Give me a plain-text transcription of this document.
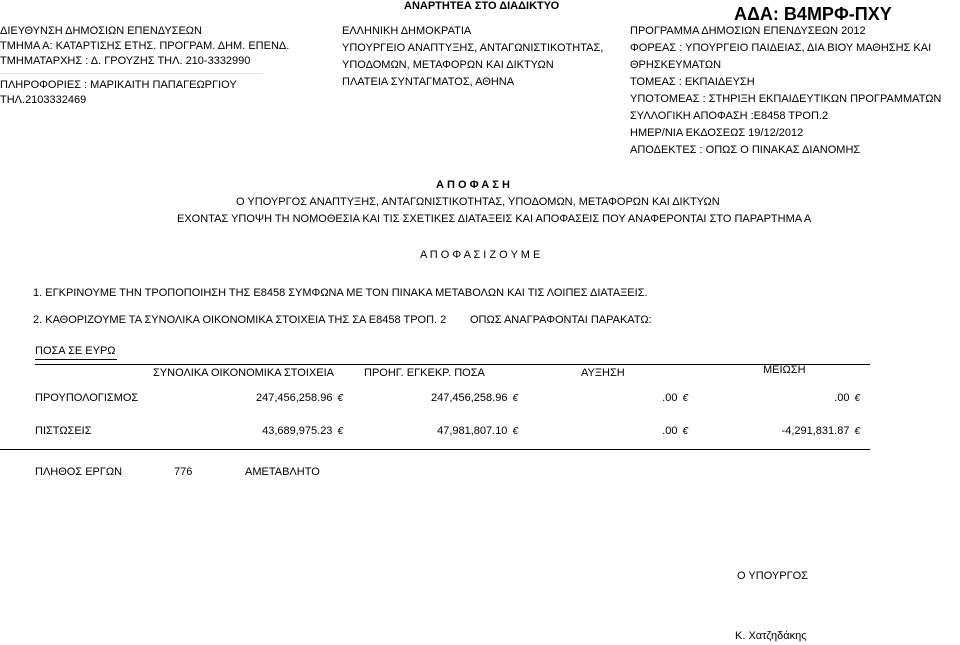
ΑΝΑΡΤΗΤΕΑ ΣΤΟ ΔΙΑΔΙΚΤΥΟ	ΑΔΑ: Β4ΜΡΦ-ΠΧΥ
ΔΙΕΥΘΥΝΣΗ ΔΗΜΟΣΙΩΝ ΕΠΕΝΔΥΣΕΩΝ
ΤΜΗΜΑ Α: ΚΑΤΑΡΤΙΣΗΣ ΕΤΗΣ. ΠΡΟΓΡΑΜ. ΔΗΜ. ΕΠΕΝΔ.
ΤΜΗΜΑΤΑΡΧΗΣ : Δ. ΓΡΟΥΖΗΣ ΤΗΛ. 210-3332990
ΠΛΗΡΟΦΟΡΙΕΣ : ΜΑΡΙΚΑΙΤΗ ΠΑΠΑΓΕΩΡΓΙΟΥ
ΤΗΛ.2103332469
ΕΛΛΗΝΙΚΗ ΔΗΜΟΚΡΑΤΙΑ
ΥΠΟΥΡΓΕΙΟ ΑΝΑΠΤΥΞΗΣ, ΑΝΤΑΓΩΝΙΣΤΙΚΟΤΗΤΑΣ,
ΥΠΟΔΟΜΩΝ, ΜΕΤΑΦΟΡΩΝ ΚΑΙ ΔΙΚΤΥΩΝ
ΠΛΑΤΕΙΑ ΣΥΝΤΑΓΜΑΤΟΣ, ΑΘΗΝΑ
ΠΡΟΓΡΑΜΜΑ ΔΗΜΟΣΙΩΝ ΕΠΕΝΔΥΣΕΩΝ 2012
ΦΟΡΕΑΣ : ΥΠΟΥΡΓΕΙΟ ΠΑΙΔΕΙΑΣ, ΔΙΑ ΒΙΟΥ ΜΑΘΗΣΗΣ ΚΑΙ
ΘΡΗΣΚΕΥΜΑΤΩΝ
ΤΟΜΕΑΣ : ΕΚΠΑΙΔΕΥΣΗ
ΥΠΟΤΟΜΕΑΣ : ΣΤΗΡΙΞΗ ΕΚΠΑΙΔΕΥΤΙΚΩΝ ΠΡΟΓΡΑΜΜΑΤΩΝ
ΣΥΛΛΟΓΙΚΗ ΑΠΟΦΑΣΗ :Ε8458 ΤΡΟΠ.2
ΗΜΕΡ/ΝΙΑ ΕΚΔΟΣΕΩΣ 19/12/2012
ΑΠΟΔΕΚΤΕΣ : ΟΠΩΣ Ο ΠΙΝΑΚΑΣ ΔΙΑΝΟΜΗΣ
Α Π Ο Φ Α Σ Η
Ο ΥΠΟΥΡΓΟΣ ΑΝΑΠΤΥΞΗΣ, ΑΝΤΑΓΩΝΙΣΤΙΚΟΤΗΤΑΣ, ΥΠΟΔΟΜΩΝ, ΜΕΤΑΦΟΡΩΝ ΚΑΙ ΔΙΚΤΥΩΝ
ΕΧΟΝΤΑΣ ΥΠΟΨΗ ΤΗ ΝΟΜΟΘΕΣΙΑ ΚΑΙ ΤΙΣ ΣΧΕΤΙΚΕΣ ΔΙΑΤΑΞΕΙΣ ΚΑΙ ΑΠΟΦΑΣΕΙΣ ΠΟΥ ΑΝΑΦΕΡΟΝΤΑΙ ΣΤΟ ΠΑΡΑΡΤΗΜΑ Α
Α Π Ο Φ Α Σ Ι Ζ Ο Υ Μ Ε
1. ΕΓΚΡΙΝΟΥΜΕ ΤΗΝ ΤΡΟΠΟΠΟΙΗΣΗ ΤΗΣ Ε8458 ΣΥΜΦΩΝΑ ΜΕ ΤΟΝ ΠΙΝΑΚΑ ΜΕΤΑΒΟΛΩΝ ΚΑΙ ΤΙΣ ΛΟΙΠΕΣ ΔΙΑΤΑΞΕΙΣ.
2. ΚΑΘΟΡΙΖΟΥΜΕ ΤΑ ΣΥΝΟΛΙΚΑ ΟΙΚΟΝΟΜΙΚΑ ΣΤΟΙΧΕΙΑ ΤΗΣ ΣΑ Ε8458 ΤΡΟΠ. 2 ΟΠΩΣ ΑΝΑΓΡΑΦΟΝΤΑΙ ΠΑΡΑΚΑΤΩ:
ΠΟΣΑ ΣΕ ΕΥΡΩ
ΣΥΝΟΛΙΚΑ ΟΙΚΟΝΟΜΙΚΑ ΣΤΟΙΧΕΙΑ	ΠΡΟΗΓ. ΕΓΚΕΚΡ. ΠΟΣΑ	ΑΥΞΗΣΗ	ΜΕΙΩΣΗ
ΠΡΟΥΠΟΛΟΓΙΣΜΟΣ	247,456,258.96 €	247,456,258.96 €	.00 €	.00 €
ΠΙΣΤΩΣΕΙΣ	43,689,975.23 €	47,981,807.10 €	.00 €	-4,291,831.87 €
ΠΛΗΘΟΣ ΕΡΓΩΝ	776	ΑΜΕΤΑΒΛΗΤΟ
Ο ΥΠΟΥΡΓΟΣ
Κ. Χατζηδάκης
